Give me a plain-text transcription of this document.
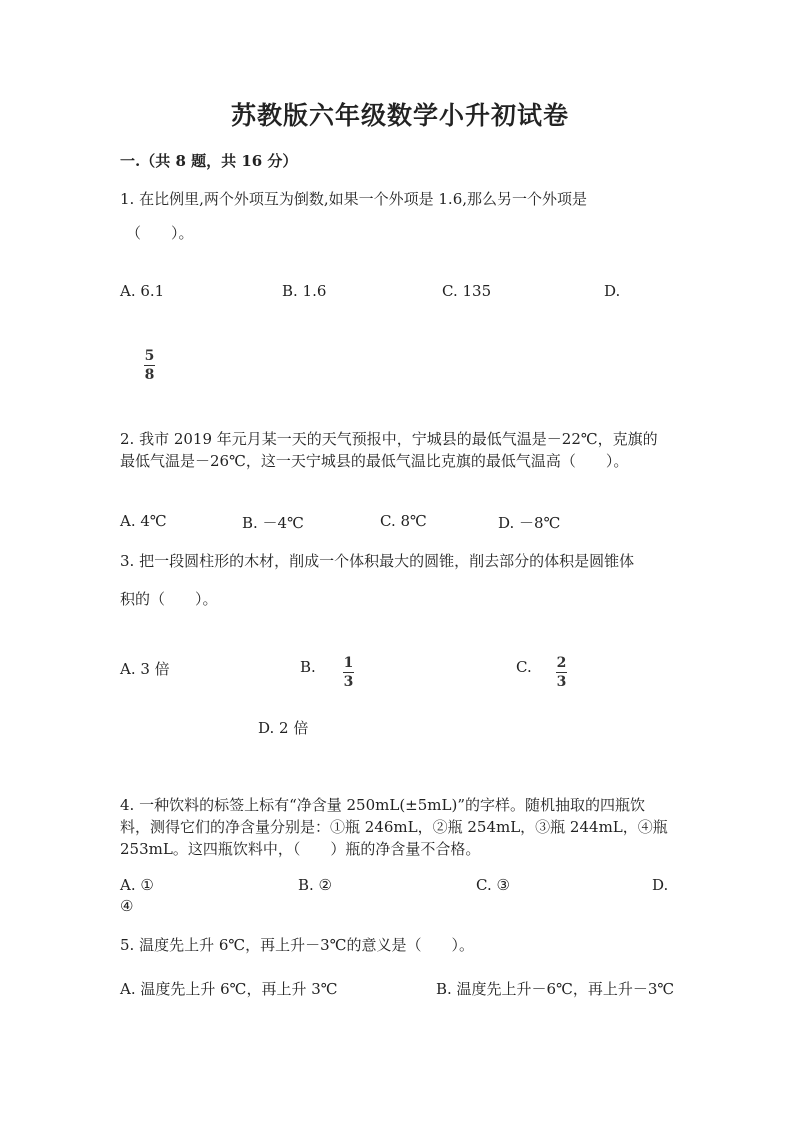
苏教版六年级数学小升初试卷
一.（共 8 题，共 16 分）
1. 在比例里,两个外项互为倒数,如果一个外项是 1.6,那么另一个外项是
（　　）。
A. 6.1	B. 1.6	C. 135	D.
$\frac{5}{8}$
2. 我市 2019 年元月某一天的天气预报中，宁城县的最低气温是－22℃，克旗的
最低气温是－26℃，这一天宁城县的最低气温比克旗的最低气温高（　　）。
A. 4℃	B. －4℃	C. 8℃	D. －8℃
3. 把一段圆柱形的木材，削成一个体积最大的圆锥，削去部分的体积是圆锥体
积的（　　）。
A. 3 倍	B. $\frac{1}{3}$	C. $\frac{2}{3}$
D. 2 倍
4. 一种饮料的标签上标有“净含量 250mL(±5mL)”的字样。随机抽取的四瓶饮
料，测得它们的净含量分别是：①瓶 246mL，②瓶 254mL，③瓶 244mL，④瓶
253mL。这四瓶饮料中，（　　）瓶的净含量不合格。
A. ①	B. ②	C. ③	D.
④
5. 温度先上升 6℃，再上升－3℃的意义是（　　）。
A. 温度先上升 6℃，再上升 3℃	B. 温度先上升－6℃，再上升－3℃
